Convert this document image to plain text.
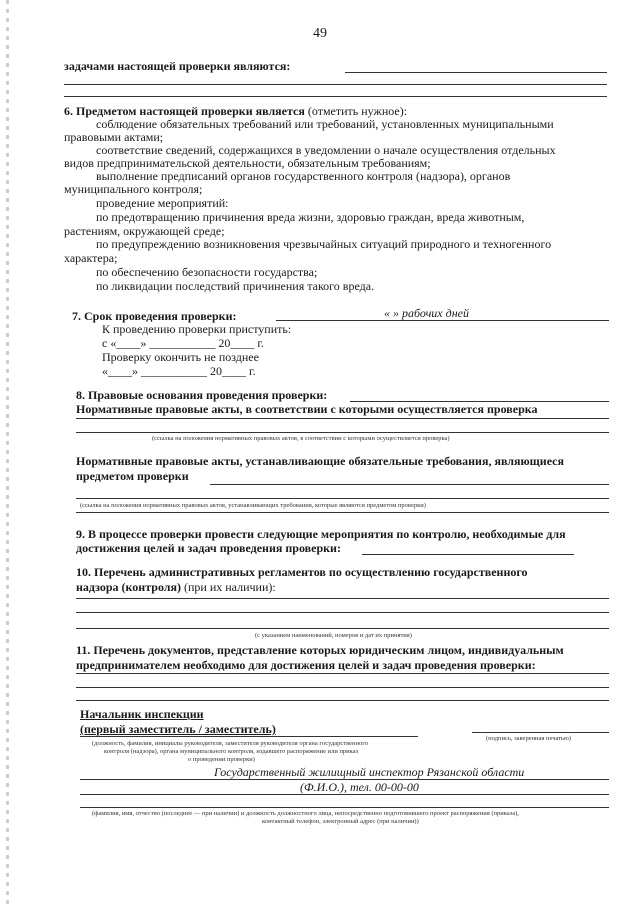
49
задачами настоящей проверки являются:
6. Предметом настоящей проверки является (отметить нужное):
соблюдение обязательных требований или требований, установленных муниципальными
правовыми актами;
соответствие сведений, содержащихся в уведомлении о начале осуществления отдельных
видов предпринимательской деятельности, обязательным требованиям;
выполнение предписаний органов государственного контроля (надзора), органов
муниципального контроля;
проведение мероприятий:
по предотвращению причинения вреда жизни, здоровью граждан, вреда животным,
растениям, окружающей среде;
по предупреждению возникновения чрезвычайных ситуаций природного и техногенного
характера;
по обеспечению безопасности государства;
по ликвидации последствий причинения такого вреда.
7. Срок проведения проверки:	« » рабочих дней
К проведению проверки приступить:
с «____» ___________ 20____ г.
Проверку окончить не позднее
«____» ___________ 20____ г.
8. Правовые основания проведения проверки:
Нормативные правовые акты, в соответствии с которыми осуществляется проверка
(ссылка на положения нормативных правовых актов, в соответствии с которыми осуществляется проверка)
Нормативные правовые акты, устанавливающие обязательные требования, являющиеся
предметом проверки
(ссылка на положения нормативных правовых актов, устанавливающих требования, которые являются предметом проверки)
9. В процессе проверки провести следующие мероприятия по контролю, необходимые для
достижения целей и задач проведения проверки:
10. Перечень административных регламентов по осуществлению государственного
надзора (контроля) (при их наличии):
(с указанием наименований, номеров и дат их принятия)
11. Перечень документов, представление которых юридическим лицом, индивидуальным
предпринимателем необходимо для достижения целей и задач проведения проверки:
Начальник инспекции
(первый заместитель / заместитель)
(подпись, заверенная печатью)
(должность, фамилия, инициалы руководителя, заместителя руководителя органа государственного
контроля (надзора), органа муниципального контроля, издавшего распоряжение или приказ
о проведении проверки)
Государственный жилищный инспектор Рязанской области
(Ф.И.О.), тел. 00-00-00
(фамилия, имя, отчество (последнее — при наличии) и должность должностного лица, непосредственно подготовившего проект распоряжения (приказа),
контактный телефон, электронный адрес (при наличии))
